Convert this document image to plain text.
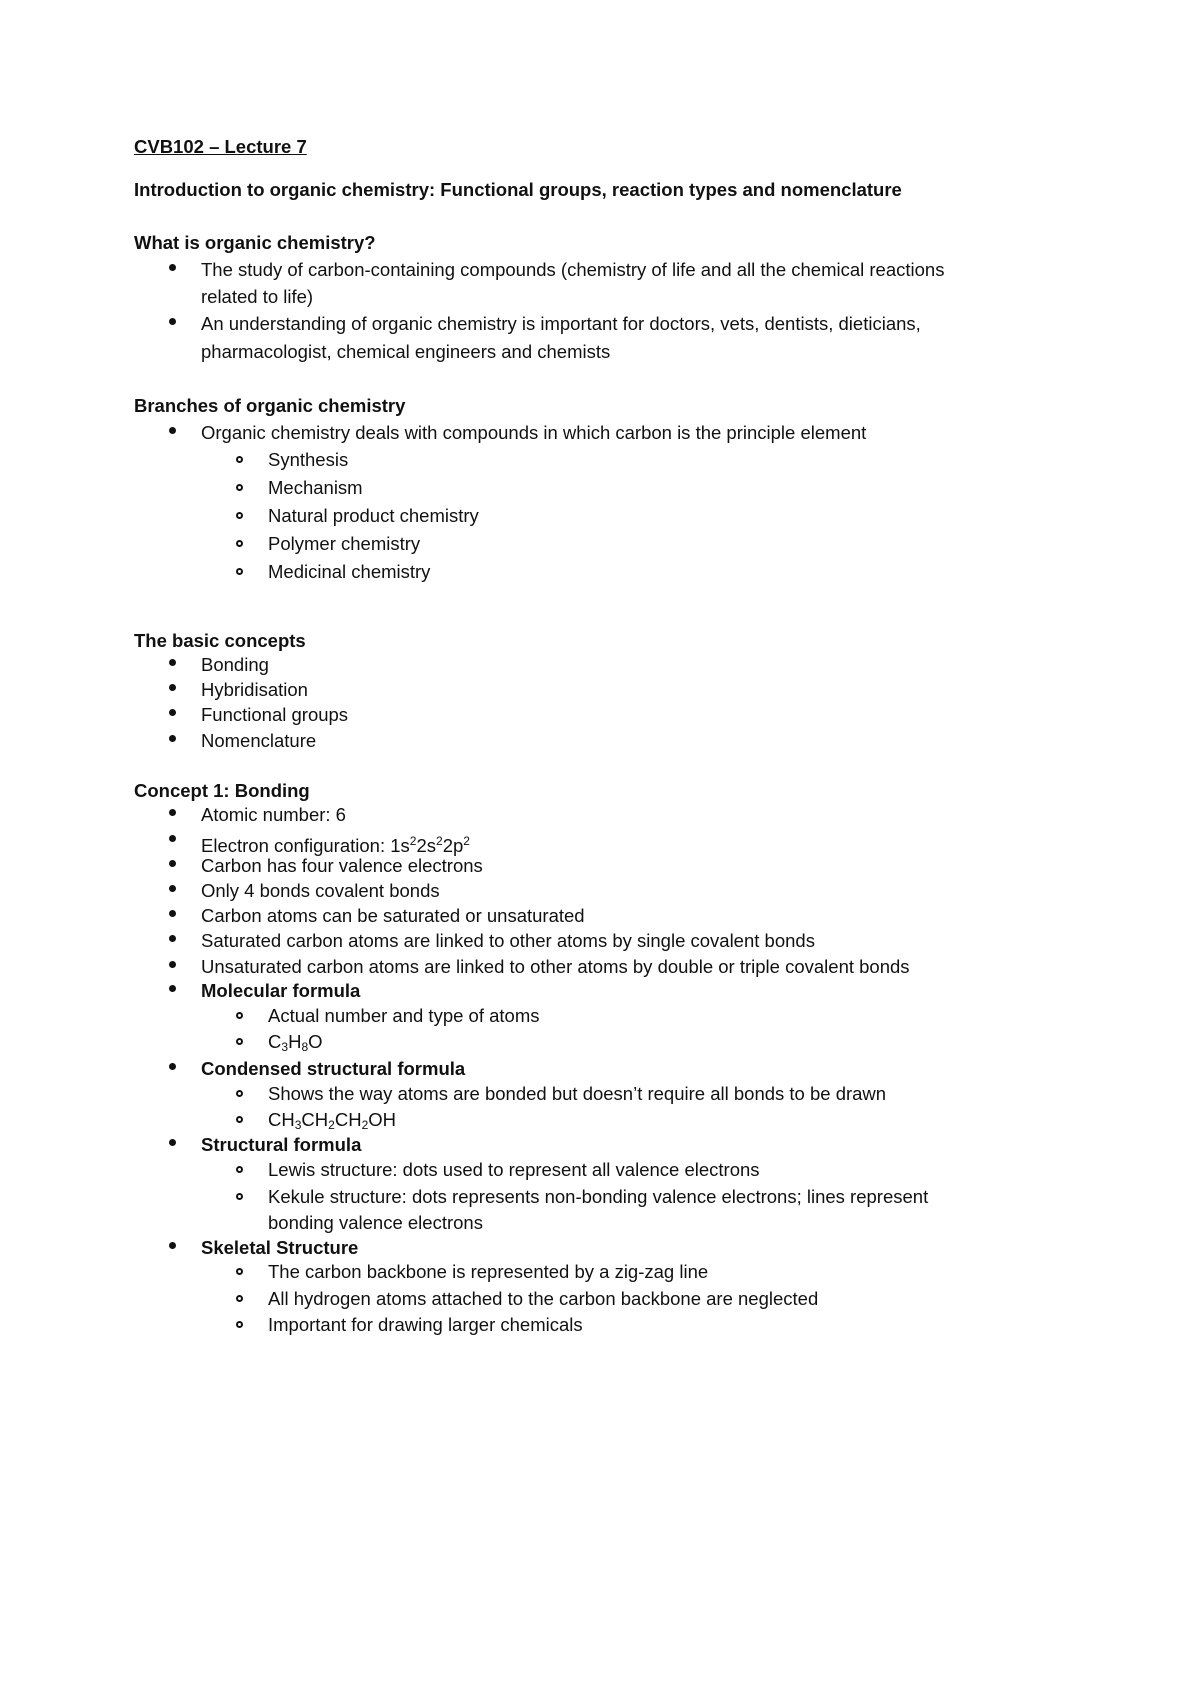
CVB102 – Lecture 7
Introduction to organic chemistry: Functional groups, reaction types and nomenclature
What is organic chemistry?
The study of carbon-containing compounds (chemistry of life and all the chemical reactions
related to life)
An understanding of organic chemistry is important for doctors, vets, dentists, dieticians,
pharmacologist, chemical engineers and chemists
Branches of organic chemistry
Organic chemistry deals with compounds in which carbon is the principle element
Synthesis
Mechanism
Natural product chemistry
Polymer chemistry
Medicinal chemistry
The basic concepts
Bonding
Hybridisation
Functional groups
Nomenclature
Concept 1: Bonding
Atomic number: 6
Electron configuration: $1s^22s^22p^2$
Carbon has four valence electrons
Only 4 bonds covalent bonds
Carbon atoms can be saturated or unsaturated
Saturated carbon atoms are linked to other atoms by single covalent bonds
Unsaturated carbon atoms are linked to other atoms by double or triple covalent bonds
Molecular formula
Actual number and type of atoms
$C_3H_8O$
Condensed structural formula
Shows the way atoms are bonded but doesn’t require all bonds to be drawn
$CH_3CH_2CH_2OH$
Structural formula
Lewis structure: dots used to represent all valence electrons
Kekule structure: dots represents non-bonding valence electrons; lines represent
bonding valence electrons
Skeletal Structure
The carbon backbone is represented by a zig-zag line
All hydrogen atoms attached to the carbon backbone are neglected
Important for drawing larger chemicals
